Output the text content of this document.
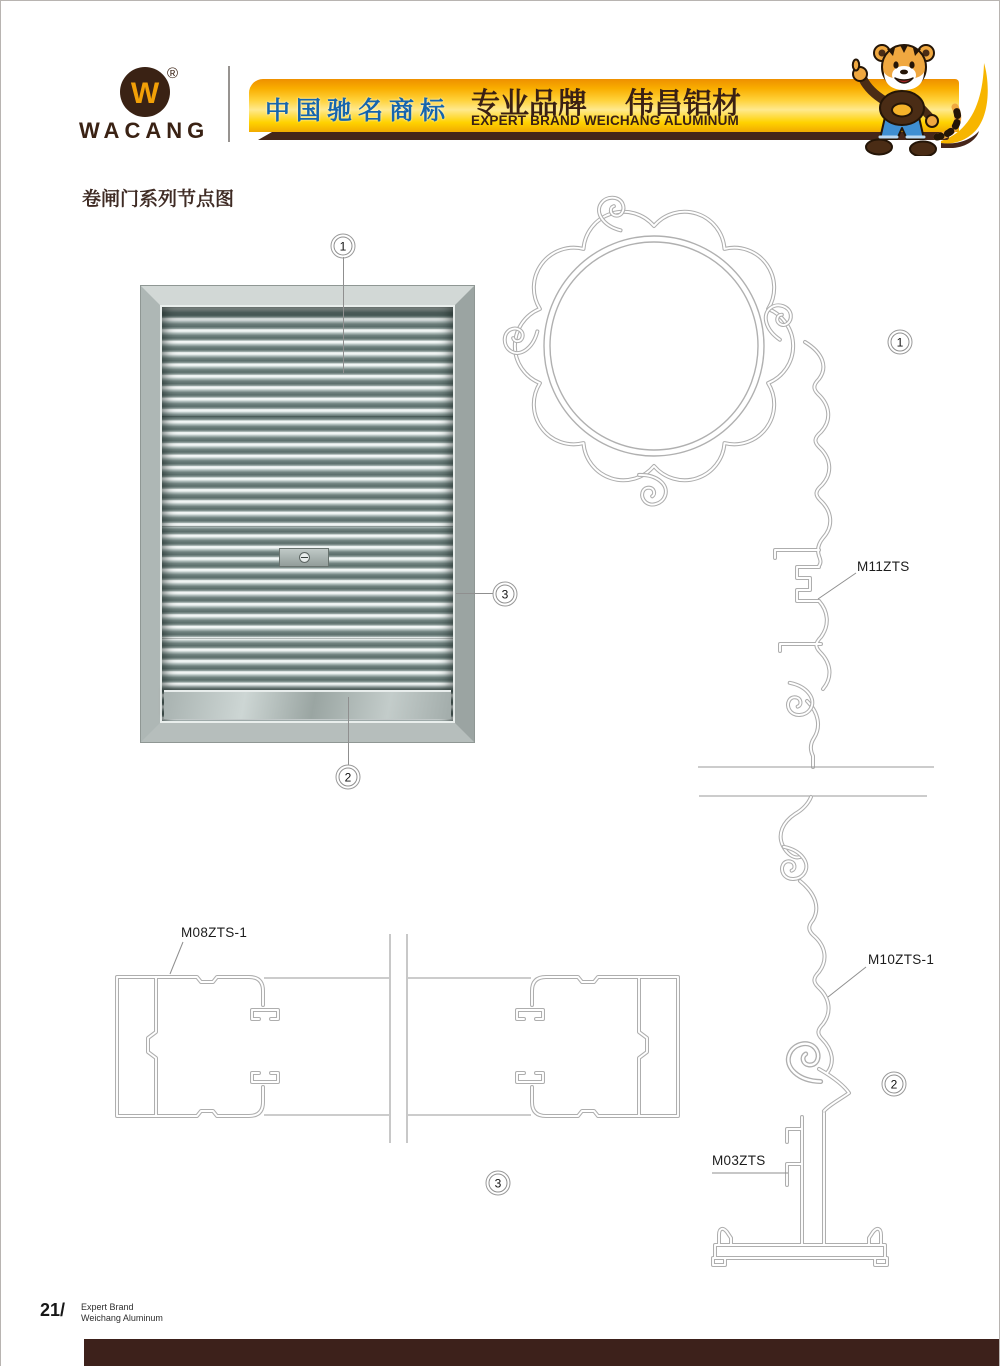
W
®
WACANG
中国驰名商标 专业品牌 伟昌铝材
EXPERT BRAND WEICHANG ALUMINUM
卷闸门系列节点图
1
3
2
M11ZTS
M10ZTS-1
M03ZTS
M08ZTS-1
1
2
3
21/ Expert Brand
Weichang Aluminum
